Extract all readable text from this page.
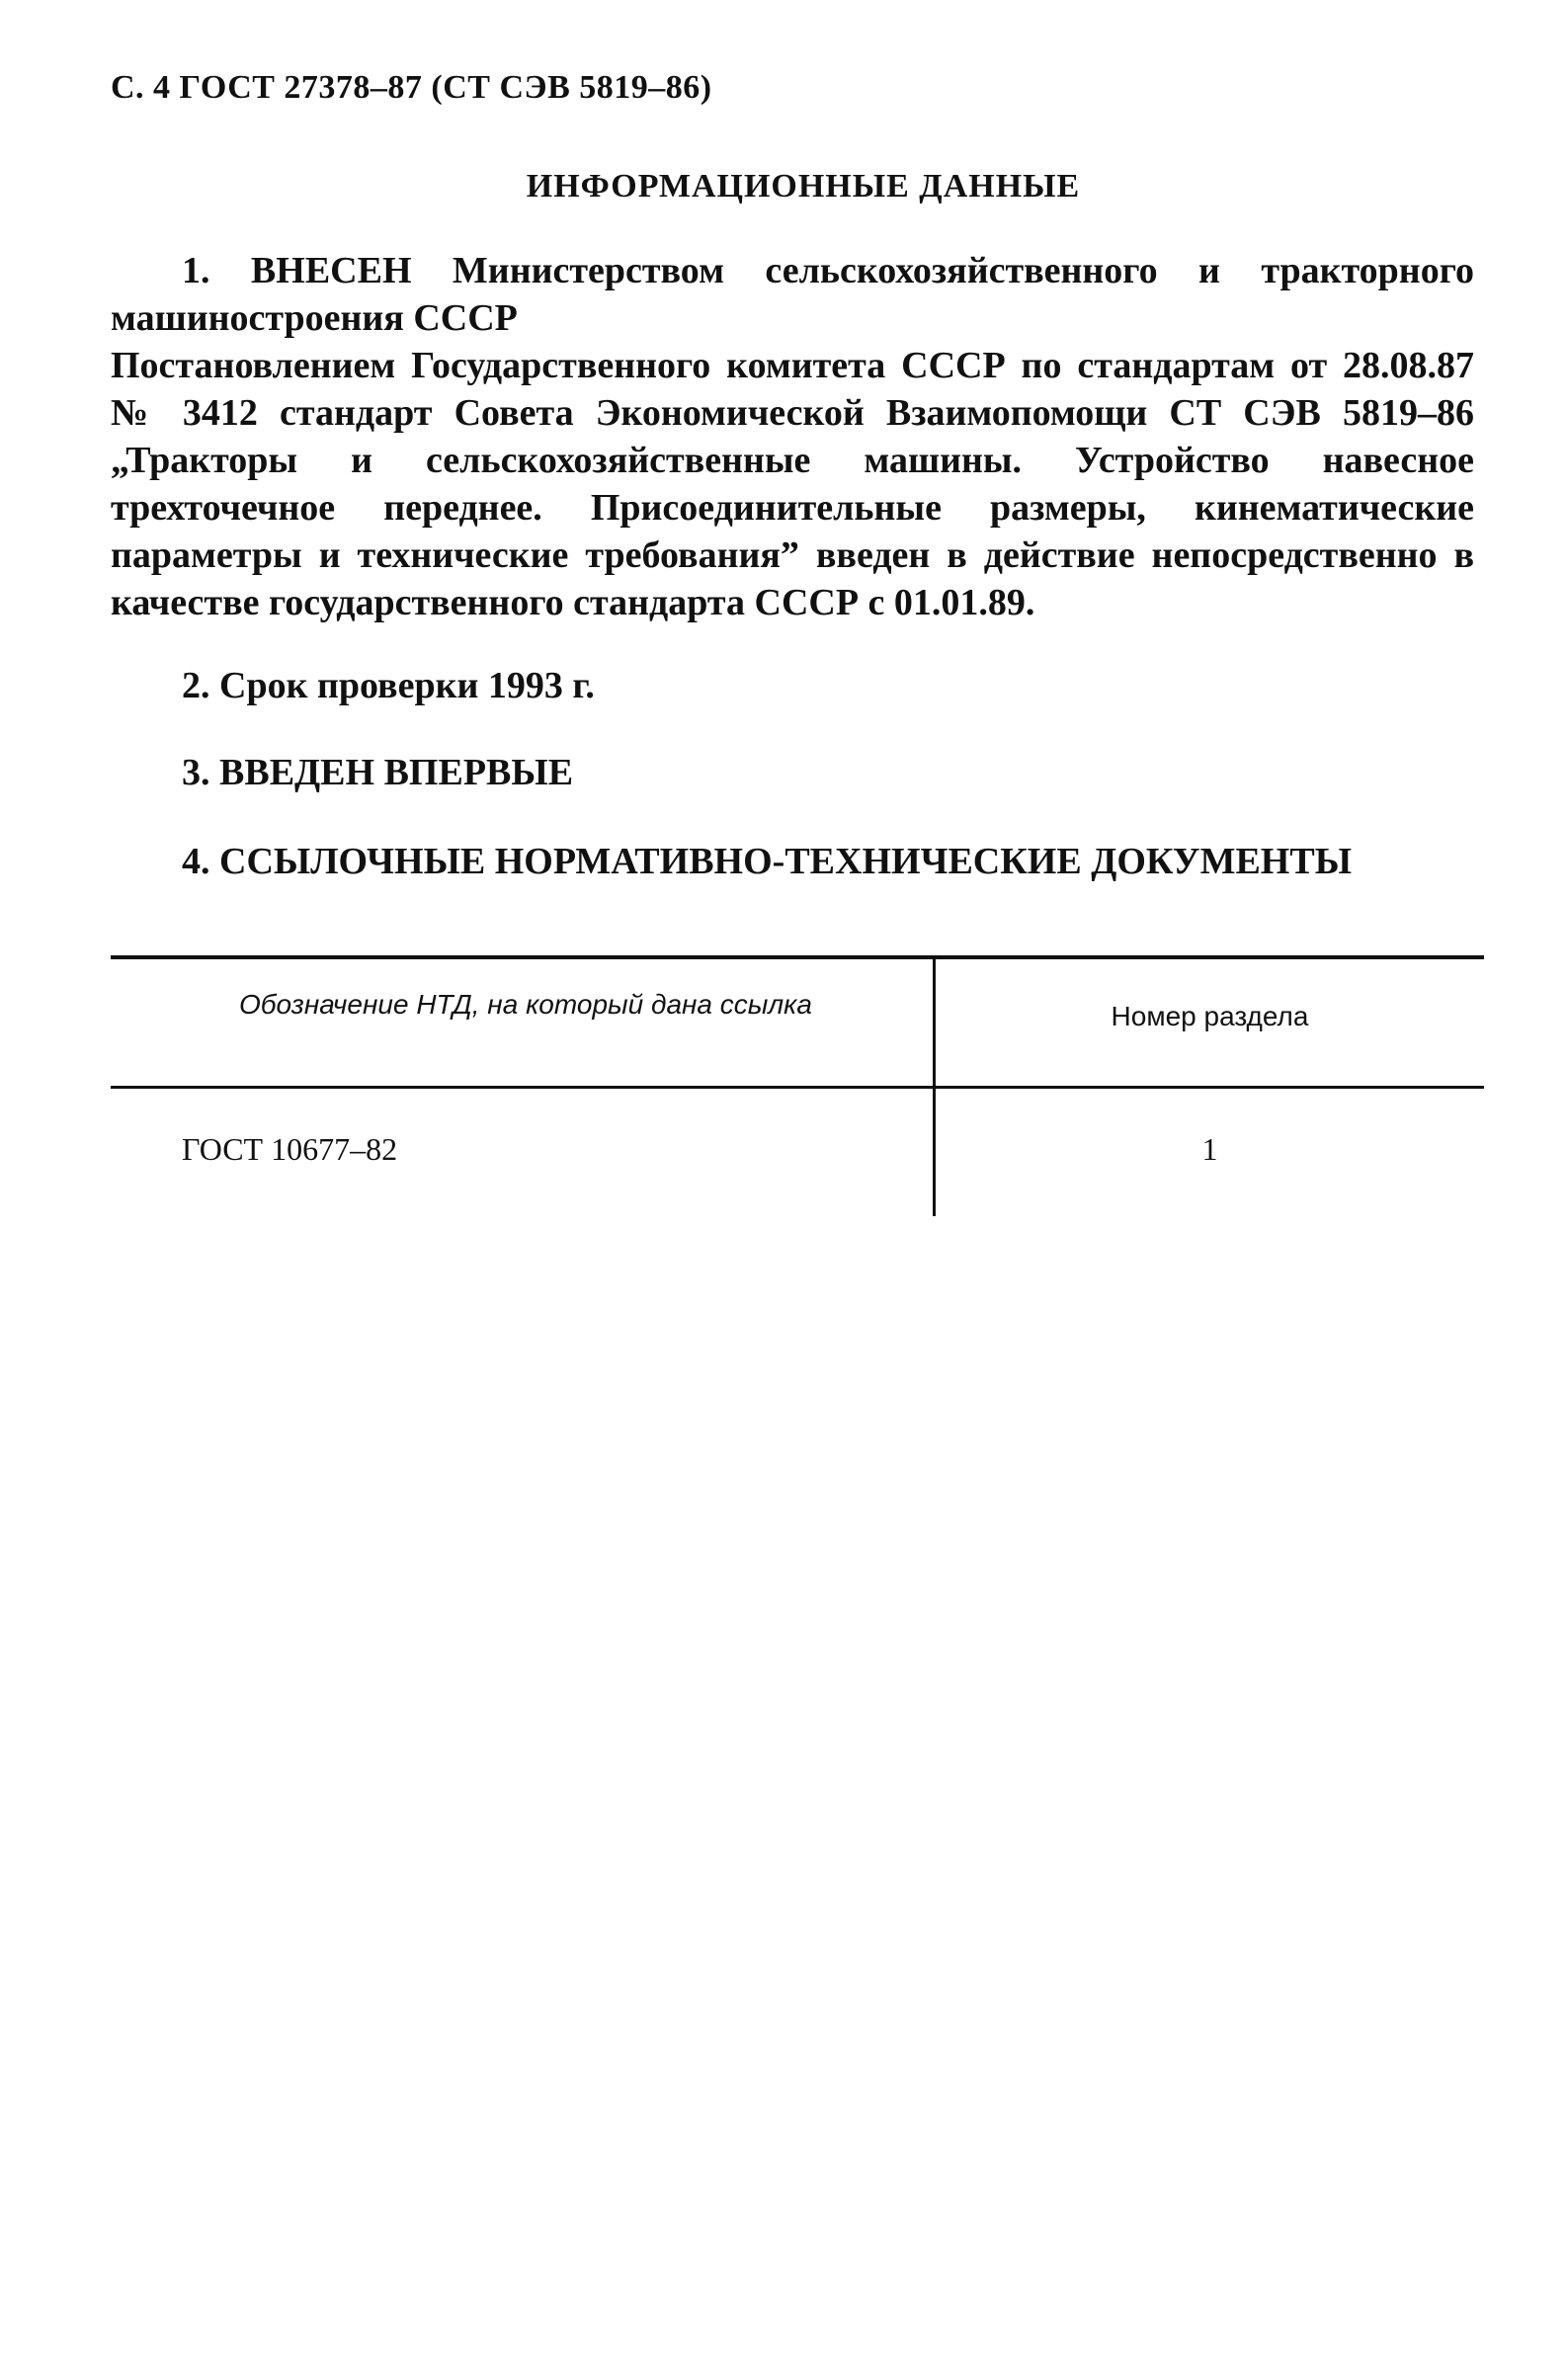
С. 4 ГОСТ 27378–87 (СТ СЭВ 5819–86)
ИНФОРМАЦИОННЫЕ ДАННЫЕ
1. ВНЕСЕН Министерством сельскохозяйственного и тракторного машиностроения СССР
Постановлением Государственного комитета СССР по стандартам от 28.08.87 № 3412 стандарт Совета Экономической Взаимопомощи СТ СЭВ 5819–86 „Тракторы и сельскохозяйственные машины. Устройство навесное трехточечное переднее. Присоединительные размеры, кинематические параметры и технические требования” введен в действие непосредственно в качестве государственного стандарта СССР с 01.01.89.
2. Срок проверки 1993 г.
3. ВВЕДЕН ВПЕРВЫЕ
4. ССЫЛОЧНЫЕ НОРМАТИВНО-ТЕХНИЧЕСКИЕ ДОКУМЕНТЫ
Обозначение НТД, на который дана ссылка	Номер раздела
ГОСТ 10677–82	1
